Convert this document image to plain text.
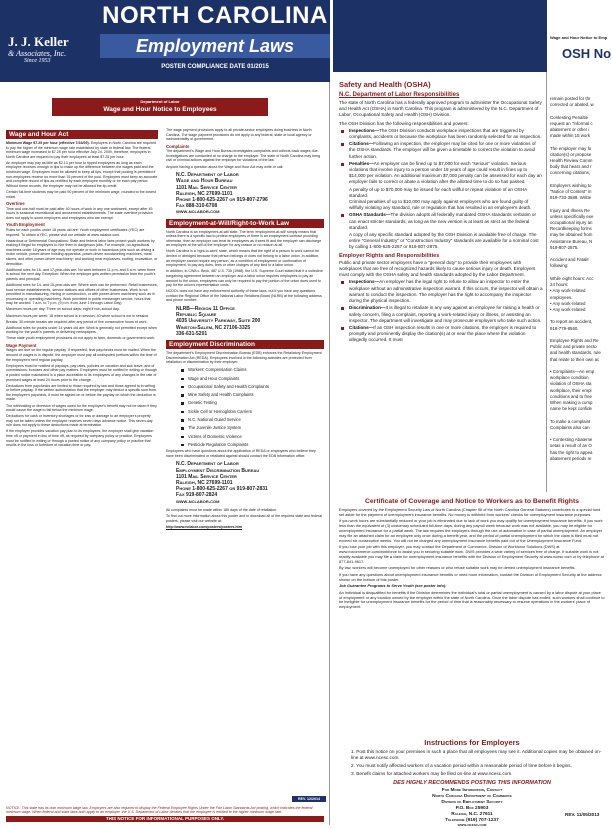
J. J. Keller
& Associates, Inc.
Since 1953
NORTH CAROLINA
Employment Laws
POSTER COMPLIANCE DATE 01/2015
Department of Labor
Wage and Hour Notice to Employees
Wage and Hour Act
Minimum Wage $7.25 per hour (effective 7/24/09). Employers in North Carolina are required to pay the higher of the minimum wage rate established by state or federal law. The federal minimum wage increased to $7.25 per hour effective July 24, 2009, therefore, employers in North Carolina are required to pay their employees at least $7.25 per hour.
An employer may pay as little as $2.13 per hour to tipped employees as long as each employee receives enough in tips to make up the difference between the wages paid and the minimum wage. Employees must be allowed to keep all tips, except that pooling is permitted if non-employees receive no more than 15 percent of the pool. Employers must keep an accurate and complete record of tips as certified by each employee monthly or for each pay period. Without these records, the employer may not be allowed the tip credit.
Certain full-time students may be paid 90 percent of the minimum wage, rounded to the lowest nickel.
Overtime
Time and one-half must be paid after 40 hours of work in any one workweek, except after 45 hours in seasonal recreational and amusement establishments. The state overtime provision does not apply to some employers and employees who are exempt.
Youth Employment
Rules for each youths under 18 years old are: Youth employment certificates (YEC) are required. To obtain a YEC, please visit our website at www.nclabor.com.
Hazardous or Detrimental Occupations: State and federal labor laws protect youth workers by making it illegal for employers to hire them in dangerous jobs. For example, no agricultural machines under 18 years of age may not operate or work in hazardous jobs such as driving a motor vehicle, power-driven hoisting apparatus, power-driven woodworking machines, meat slicers, and other power-driven machinery; and working near explosives, roofing, excavation, or demolition.
Additional rules for 16- and 17-year-olds are: No work between 11 p.m. and 5 a.m. when there is school the next day. Exception: When the employer gets written permission from the youth's parents and principal.
Additional rules for 14- and 15-year-olds are: Where work can be performed. Retail businesses, food service establishments, service stations and offices of other businesses. Work is not permitted in manufacturing, mining or construction, or with power-driven machinery such as in processing or operating machinery. Work permitted in public messenger service, hours that may be worked: 7 a.m. to 7 p.m. (9 p.m. from June 1 through Labor Day).
Maximum hours per day: Three on school days; eight if non-school day.
Maximum hours per week: 18 when school is in session; 40 when school is not in session.
Breaks: 30-minute breaks are required after any period of five consecutive hours of work.
Additional rules for youths under 14 years old are: Work is generally not permitted except when working for the youth's parents or delivering newspapers.
These state youth employment provisions do not apply to farm, domestic or government work.
Wage Payment
Wages are due on the regular payday. If requested, final paychecks must be mailed. When the amount of wages is in dispute, the employer must pay all undisputed portions within the time of the employee's next regular payday.
Employees must be notified of paydays, pay rates, policies on vacation and sick leave, and of commissions, bonuses and other pay matters. Employees must be notified in writing or through a posted notice maintained in a place accessible to its employees of any changes in the rate of promised wages at least 24 hours prior to the change.
Deductions from paychecks are limited to those required by law and those agreed to in writing or before payday. If the written authorization that the employer may deduct a specific sum from the employee's paycheck, it must be signed on or before the payday on which the deduction is made.
The withholding or diversion of wages owed for the employee's benefit may not be taken if they would cause the wage to fall below the minimum wage.
Deductions for cash or inventory shortages or for loss or damage to an employer's property may not be taken unless the employee receives seven days advance notice. This seven-day rule does not apply to these deductions made at termination.
If the employer provides vacation pay plan to its employees, the employer shall give vacation time off or payment in lieu of time off, as required by company policy or practice. Employees must be notified in writing or through a posted notice of any company policy or practice that results in the loss or forfeiture of vacation time or pay.
The wage payment provisions apply to all private-sector employees doing business in North Carolina. The wage payment provisions do not apply to any federal, state or local agency or instrumentality of government.
Complaints
The department's Wage and Hour Bureau investigates complaints and collects back wages due. Investigations are conducted at no charge to the employer. The state of North Carolina may bring civil or criminal actions against the employer for violations of the law.
Anyone having a question about the Wage and Hour Act may write or call:
N.C. Department of Labor
Wage and Hour Bureau
1101 Mail Service Center
Raleigh, NC 27699-1101
Phone 1-800-625-2267 or 919-807-2796
Fax 888-310-6708
www.nclabor.com
Employment-at-Will/Right-to-Work Law
North Carolina is an employment-at-will state. The term 'employment-at-will' simply means that unless there is a specific law to protect employees or there is an employment contract providing otherwise, then an employer can treat its employees as it sees fit and the employer can discharge an employee at the will of the employer for any reason or no reason at all.
North Carolina is a 'right-to-work' state, which means that the right of a person to work cannot be denied or abridged because that person belongs or does not belong to a labor union. In addition, an employer cannot require any person, as a condition of employment or continuation of employment, to pay any dues, fees or other charges of any kind to a labor union.
In addition, in CWA v. Beck, 487 U.S. 735 (1988), the U.S. Supreme Court stated that if a collective bargaining agreement between an employer and a labor union requires employees to pay an amount to the union, employees can only be required to pay the portion of the union dues used to pay for the union's representation costs.
NCDOL does not have any enforcement authority of these laws, but if you have any questions, contact the Regional Office of the National Labor Relations Board (NLRB) at the following address and phone number:
NLRB—Region 11 Office
Republic Square
4035 University Parkway, Suite 200
Winston-Salem, NC 27106-3325
336-631-5201
Employment Discrimination
The department's Employment Discrimination Bureau (EDB) enforces the Retaliatory Employment Discrimination Act (REDA). Employees involved in the following activities are protected from retaliation or discrimination by their employer:
Workers' Compensation Claims
Wage and Hour Complaints
Occupational Safety and Health Complaints
Mine Safety and Health Complaints
Genetic Testing
Sickle Cell or Hemoglobin Carriers
N.C. National Guard Service
The Juvenile Justice System
Victims of Domestic Violence
Pesticide Regulation Complaints
Employees who have questions about the application of REDA or employees who believe they have been discriminated or retaliated against should contact the EDB information office.
N.C. Department of Labor
Employment Discrimination Bureau
1101 Mail Service Center
Raleigh, NC 27699-1101
Phone 1-800-625-2267 or 919-807-2831
Fax 919-807-2824
www.nclabor.com
All complaints must be made within 180 days of the date of retaliation.
To find out more information about this poster and to download all of the required state and federal posters, please visit our website at:
http://www.nclabor.com/posters/posters.htm
REV. 12/2014
NOTICE: This state has its own minimum wage law. Employers are also required to display the Federal Employee Rights Under the Fair Labor Standards Act posting, which indicates the federal minimum wage. When federal and state laws both apply to an employer, the U.S. Department of Labor dictates that the employee is entitled to the higher minimum wage rate.
THIS NOTICE FOR INFORMATIONAL PURPOSES ONLY.
Safety and Health (OSHA)
N.C. Department of Labor Responsibilities
The state of North Carolina has a federally approved program to administer the Occupational Safety and Health Act (OSHA) in North Carolina. This program is administered by the N.C. Department of Labor, Occupational Safety and Health (OSH) Division.
The OSH Division has the following responsibilities and powers:
Inspections—The OSH Division conducts workplace inspections that are triggered by complaints, accidents or because the workplace has been randomly selected for an inspection.
Citations—Following an inspection, the employer may be cited for one or more violations of the OSHA standards. The employer will be given a timetable to correct the violation to avoid further action.
Penalties—An employer can be fined up to $7,000 for each "serious" violation. Serious violations that involve injury to a person under 18 years of age could result in fines up to $14,000 per violation. An additional maximum $7,000 penalty can be assessed for each day an employer fails to correct or abate a violation after the allotted time to do so has passed.
A penalty of up to $70,000 may be issued for each willful or repeat violation of an OSHA standard.
Criminal penalties of up to $10,000 may apply against employers who are found guilty of willfully violating any standard, rule or regulation that has resulted in an employee's death.
OSHA Standards—The division adopts all federally mandated OSHA standards verbatim or can enact stricter standards, as long as the new version is at least as strict as the federal standard.
A copy of any specific standard adopted by the OSH Division is available free of charge. The entire "General Industry" or "Construction Industry" standards are available for a nominal cost by calling 1-800-625-2267 or 919-807-2875.
Employer Rights and Responsibilities
Public and private sector employers have a "general duty" to provide their employees with workplaces that are free of recognized hazards likely to cause serious injury or death. Employers must comply with the OSHA safety and health standards adopted by the Labor Department.
Inspections—An employer has the legal right to refuse to allow an inspector to enter the workplace without an administrative inspection warrant. If this occurs, the inspector will obtain a warrant to conduct the inspection. The employer has the right to accompany the inspector during the physical inspection.
Discrimination—It is illegal to retaliate in any way against an employee for raising a health or safety concern, filing a complaint, reporting a work-related injury or illness, or assisting an inspector. The department will investigate and may prosecute employers who take such action.
Citations—If an OSH inspection results in one or more citations, the employer is required to promptly and prominently display the citation(s) at or near the place where the violation allegedly occurred. It must
Certificate of Coverage and Notice to Workers as to Benefit Rights
Employers covered by the Employment Security Law of North Carolina (Chapter 96 of the North Carolina General Statutes) contributes to a special fund set aside for the payment of unemployment insurance benefits. No money is withheld from workers' checks for unemployment insurance purposes.
If you work hours are substantially reduced or your job is eliminated due to lack of work you may qualify for unemployment insurance benefits. If you work less than the equivalent of (3) customary scheduled full-time days, during any payroll week because work was not available, you may be eligible for unemployment insurance for a partial week. The law requires the employers through the use of automation in case of partial unemployment. An employer may file an attached claim for an employee only once during a benefit year, and the period of partial unemployment for which the claim is filed must not exceed six consecutive weeks. You will not be charged any unemployment insurance benefits paid out of the Unemployment Insurance Fund.
If you lose your job with this employer, you may contact the Department of Commerce, Division of Workforce Solutions (DWS) at www.nccommerce.com/workforce to assist you in securing suitable work. DWS provides a wide variety of services free of charge. If suitable work is not readily available you may file a claim for unemployment insurance benefits with the Division of Employment Security at www.ncesc.com or by telephone at 877-841-9617.
By law, workers will become unemployed for other reasons or who refuse suitable work may be denied unemployment insurance benefits.
If you have any questions about unemployment insurance benefits or need more information, contact the Division of Employment Security at the address shown on the bottom of this poster.
Job Guarantee Programs to Serve Youth (see poster info):
An individual is disqualified for benefits if the Division determines the individual's total or partial unemployment is caused by a labor dispute at your place of employment or any location owned by the employer within the state of North Carolina. Once the labor dispute has ended, such workers shall continue to be ineligible for unemployment insurance benefits for the period of time that is reasonably necessary to resume operations in the workers' place of employment.
Instructions for Employers
1. Post this notice on your premises in such a place that all employees may see it. Additional copies may be obtained on-line at www.ncesc.com.
2. You must notify affected workers of a vacation period within a reasonable period of time before it begins.
3. Benefit claims for attached workers may be filed on-line at www.ncesc.com.
DES HIGHLY RECOMMENDS POSTING THIS INFORMATION
For More Information, Contact
North Carolina Department of Commerce
Division of Employment Security
P.O. Box 25903
Raleigh, N.C. 27611
Telephone (919) 707-1237
www.ncesc.com
REV. 11/05/2013
Wage and Hour Notice to Emp
OSH No
remain posted for thr
corrected or abated, w

Contesting Penaltie
request an "informal c
abatement or other i
made within 15 work

The employer may fo
citation(s) or propose
Health Review Comm
body that hears and r
concerning citations,

Employers wishing to
"Notice of Contest" in
919-733-3589. Writte

Injury and Illness Re
unless specifically exe
occupational injury an
Recordkeeping forms
may be obtained from
Assistance Bureau, N
919-807-2875.

Accident and Fatalit
following:

While eight hours: Acc
24 hours:
• Any work-related
employees.
• Any work-related
• Any work-related

To report an accident,
919-779-8560.

Employee Rights and Re
Public and private secto
and health standards, rule
that relate to their own ac

• Complaints—An emp
workplace condition
violation of OSHA sta
workplace, their empl
conditions and to free
When making a comp
name be kept confide

To make a complaint
Complaints also can

• Contesting Abateme
setas a result of an O
has the right to appea
abatement periods re
